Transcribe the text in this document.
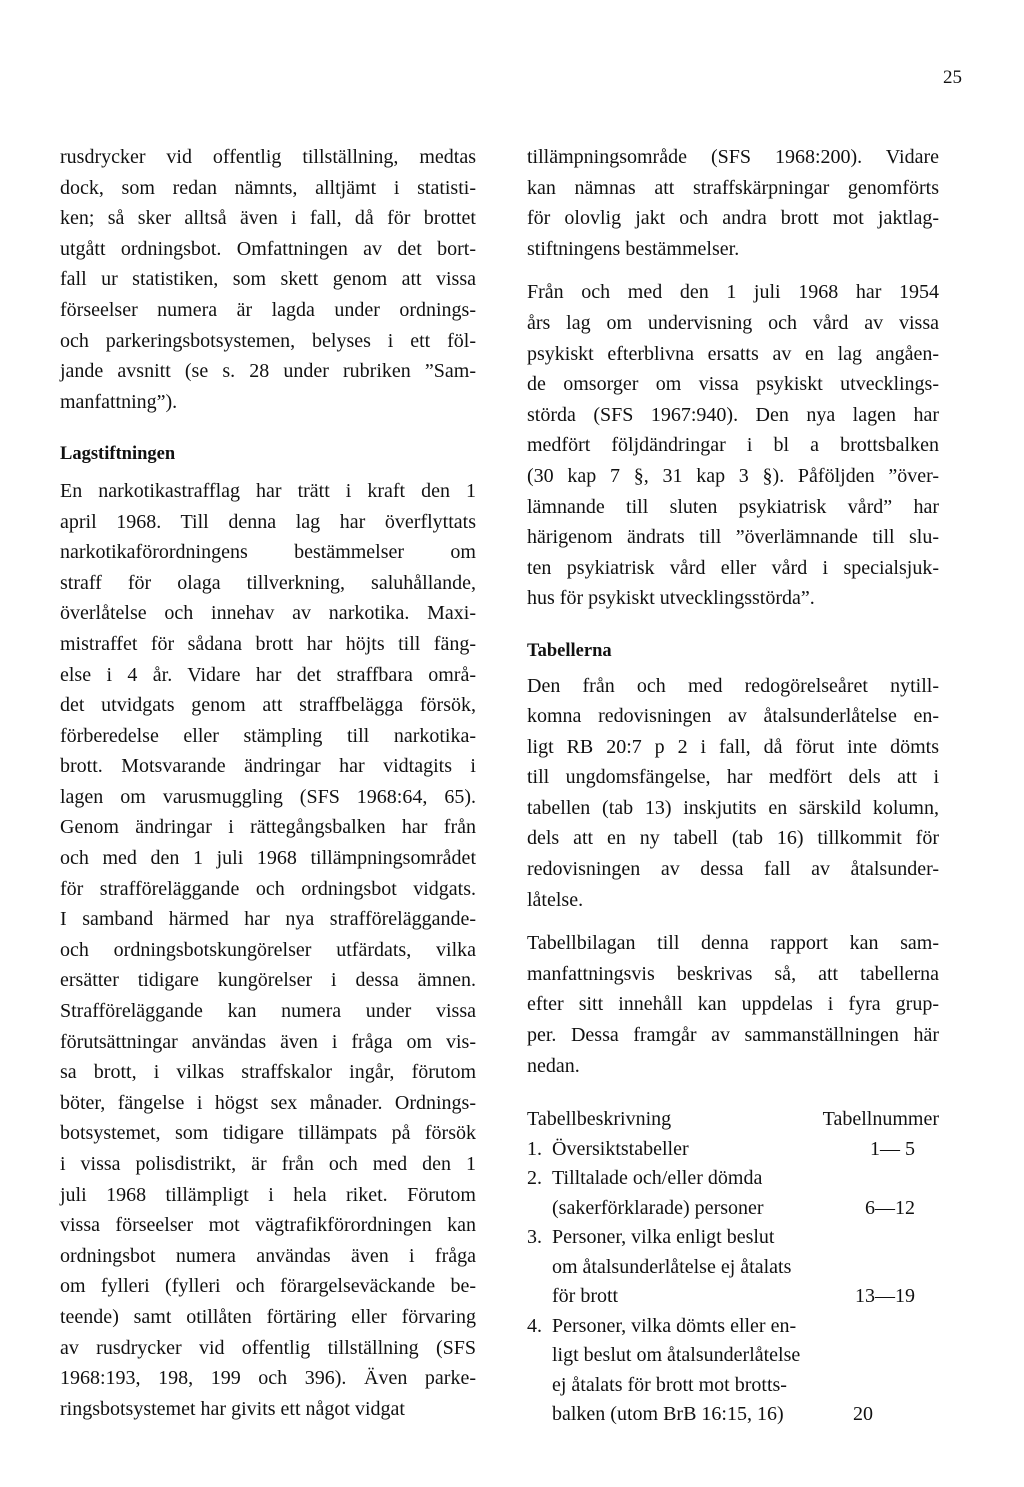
25
rusdrycker vid offentlig tillställning, medtas
dock, som redan nämnts, alltjämt i statisti-
ken; så sker alltså även i fall, då för brottet
utgått ordningsbot. Omfattningen av det bort-
fall ur statistiken, som skett genom att vissa
förseelser numera är lagda under ordnings-
och parkeringsbotsystemen, belyses i ett föl-
jande avsnitt (se s. 28 under rubriken ”Sam-
manfattning”).
Lagstiftningen
En narkotikastrafflag har trätt i kraft den 1
april 1968. Till denna lag har överflyttats
narkotikaförordningens bestämmelser om
straff för olaga tillverkning, saluhållande,
överlåtelse och innehav av narkotika. Maxi-
mistraffet för sådana brott har höjts till fäng-
else i 4 år. Vidare har det straffbara områ-
det utvidgats genom att straffbelägga försök,
förberedelse eller stämpling till narkotika-
brott. Motsvarande ändringar har vidtagits i
lagen om varusmuggling (SFS 1968:64, 65).
Genom ändringar i rättegångsbalken har från
och med den 1 juli 1968 tillämpningsområdet
för strafföreläggande och ordningsbot vidgats.
I samband härmed har nya strafföreläggande-
och ordningsbotskungörelser utfärdats, vilka
ersätter tidigare kungörelser i dessa ämnen.
Strafföreläggande kan numera under vissa
förutsättningar användas även i fråga om vis-
sa brott, i vilkas straffskalor ingår, förutom
böter, fängelse i högst sex månader. Ordnings-
botsystemet, som tidigare tillämpats på försök
i vissa polisdistrikt, är från och med den 1
juli 1968 tillämpligt i hela riket. Förutom
vissa förseelser mot vägtrafikförordningen kan
ordningsbot numera användas även i fråga
om fylleri (fylleri och förargelseväckande be-
teende) samt otillåten förtäring eller förvaring
av rusdrycker vid offentlig tillställning (SFS
1968:193, 198, 199 och 396). Även parke-
ringsbotsystemet har givits ett något vidgat
tillämpningsområde (SFS 1968:200). Vidare
kan nämnas att straffskärpningar genomförts
för olovlig jakt och andra brott mot jaktlag-
stiftningens bestämmelser.
Från och med den 1 juli 1968 har 1954
års lag om undervisning och vård av vissa
psykiskt efterblivna ersatts av en lag angåen-
de omsorger om vissa psykiskt utvecklings-
störda (SFS 1967:940). Den nya lagen har
medfört följdändringar i bl a brottsbalken
(30 kap 7 §, 31 kap 3 §). Påföljden ”över-
lämnande till sluten psykiatrisk vård” har
härigenom ändrats till ”överlämnande till slu-
ten psykiatrisk vård eller vård i specialsjuk-
hus för psykiskt utvecklingsstörda”.
Tabellerna
Den från och med redogörelseåret nytill-
komna redovisningen av åtalsunderlåtelse en-
ligt RB 20:7 p 2 i fall, då förut inte dömts
till ungdomsfängelse, har medfört dels att i
tabellen (tab 13) inskjutits en särskild kolumn,
dels att en ny tabell (tab 16) tillkommit för
redovisningen av dessa fall av åtalsunder-
låtelse.
Tabellbilagan till denna rapport kan sam-
manfattningsvis beskrivas så, att tabellerna
efter sitt innehåll kan uppdelas i fyra grup-
per. Dessa framgår av sammanställningen här
nedan.
Tabellbeskrivning	Tabellnummer
1. Översiktstabeller	1— 5
2. Tilltalade och/eller dömda
(sakerförklarade) personer	6—12
3. Personer, vilka enligt beslut
om åtalsunderlåtelse ej åtalats
för brott	13—19
4. Personer, vilka dömts eller en-
ligt beslut om åtalsunderlåtelse
ej åtalats för brott mot brotts-
balken (utom BrB 16:15, 16)	20
